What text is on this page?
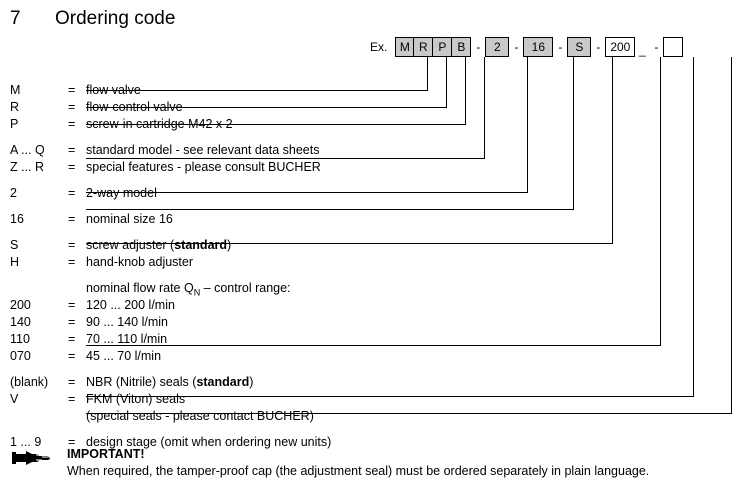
7	Ordering code
Ex.	M R P B -	2	-	16	-	S	- 200 _ -
M	= flow valve
R	= flow-control valve
P	= screw-in cartridge M42 x 2
A ... Q	= standard model - see relevant data sheets
Z ... R	= special features - please consult BUCHER
2	= 2-way model
16	= nominal size 16
S	= screw adjuster (standard)
H	= hand-knob adjuster
nominal flow rate $Q_N$ – control range:
200	= 120 ... 200 l/min
140	= 90 ... 140 l/min
110	= 70 ... 110 l/min
070	= 45 ... 70 l/min
(blank)	= NBR (Nitrile) seals (standard)
V	= FKM (Viton) seals
(special seals - please contact BUCHER)
1 ... 9	= design stage (omit when ordering new units)
IMPORTANT!
When required, the tamper-proof cap (the adjustment seal) must be ordered separately in plain language.
